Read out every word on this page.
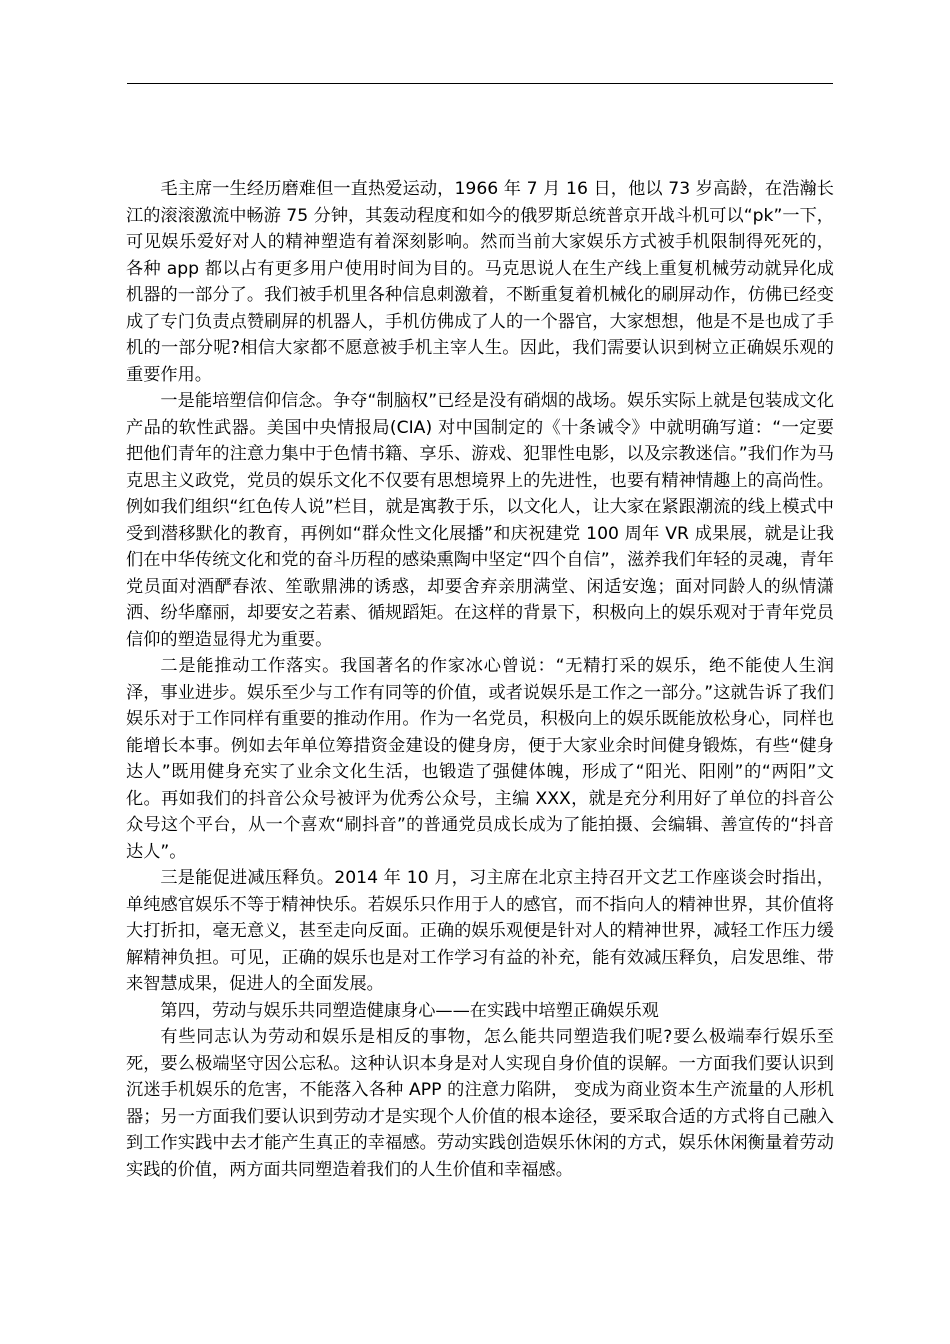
毛主席一生经历磨难但一直热爱运动，1966 年 7 月 16 日，他以 73 岁高龄，在浩瀚长江的滚滚激流中畅游 75 分钟，其轰动程度和如今的俄罗斯总统普京开战斗机可以“pk”一下，可见娱乐爱好对人的精神塑造有着深刻影响。然而当前大家娱乐方式被手机限制得死死的， 各种 app 都以占有更多用户使用时间为目的。马克思说人在生产线上重复机械劳动就异化成机器的一部分了。我们被手机里各种信息刺激着，不断重复着机械化的刷屏动作，仿佛已经变成了专门负责点赞刷屏的机器人，手机仿佛成了人的一个器官，大家想想，他是不是也成了手机的一部分呢?相信大家都不愿意被手机主宰人生。因此，我们需要认识到树立正确娱乐观的重要作用。

一是能培塑信仰信念。争夺“制脑权”已经是没有硝烟的战场。娱乐实际上就是包装成文化产品的软性武器。美国中央情报局(CIA) 对中国制定的《十条诫令》中就明确写道：“一定要把他们青年的注意力集中于色情书籍、享乐、游戏、犯罪性电影，以及宗教迷信。”我们作为马克思主义政党，党员的娱乐文化不仅要有思想境界上的先进性，也要有精神情趣上的高尚性。例如我们组织“红色传人说”栏目，就是寓教于乐，以文化人，让大家在紧跟潮流的线上模式中受到潜移默化的教育，再例如“群众性文化展播”和庆祝建党 100 周年 VR 成果展，就是让我们在中华传统文化和党的奋斗历程的感染熏陶中坚定“四个自信”，滋养我们年轻的灵魂，青年党员面对酒酽春浓、笙歌鼎沸的诱惑，却要舍弃亲朋满堂、闲适安逸；面对同龄人的纵情潇洒、纷华靡丽，却要安之若素、循规蹈矩。在这样的背景下，积极向上的娱乐观对于青年党员信仰的塑造显得尤为重要。

二是能推动工作落实。我国著名的作家冰心曾说：“无精打采的娱乐，绝不能使人生润泽，事业进步。娱乐至少与工作有同等的价值，或者说娱乐是工作之一部分。”这就告诉了我们娱乐对于工作同样有重要的推动作用。作为一名党员，积极向上的娱乐既能放松身心，同样也能增长本事。例如去年单位筹措资金建设的健身房，便于大家业余时间健身锻炼，有些“健身达人”既用健身充实了业余文化生活，也锻造了强健体魄，形成了“阳光、阳刚”的“两阳”文化。再如我们的抖音公众号被评为优秀公众号，主编 XXX，就是充分利用好了单位的抖音公众号这个平台，从一个喜欢“刷抖音”的普通党员成长成为了能拍摄、会编辑、善宣传的“抖音达人”。

三是能促进减压释负。2014 年 10 月，习主席在北京主持召开文艺工作座谈会时指出，单纯感官娱乐不等于精神快乐。若娱乐只作用于人的感官，而不指向人的精神世界，其价值将大打折扣，毫无意义，甚至走向反面。正确的娱乐观便是针对人的精神世界，减轻工作压力缓解精神负担。可见，正确的娱乐也是对工作学习有益的补充，能有效减压释负，启发思维、带来智慧成果，促进人的全面发展。

第四，劳动与娱乐共同塑造健康身心——在实践中培塑正确娱乐观

有些同志认为劳动和娱乐是相反的事物，怎么能共同塑造我们呢?要么极端奉行娱乐至死，要么极端坚守因公忘私。这种认识本身是对人实现自身价值的误解。一方面我们要认识到沉迷手机娱乐的危害，不能落入各种 APP 的注意力陷阱， 变成为商业资本生产流量的人形机器；另一方面我们要认识到劳动才是实现个人价值的根本途径，要采取合适的方式将自己融入到工作实践中去才能产生真正的幸福感。劳动实践创造娱乐休闲的方式，娱乐休闲衡量着劳动实践的价值，两方面共同塑造着我们的人生价值和幸福感。
